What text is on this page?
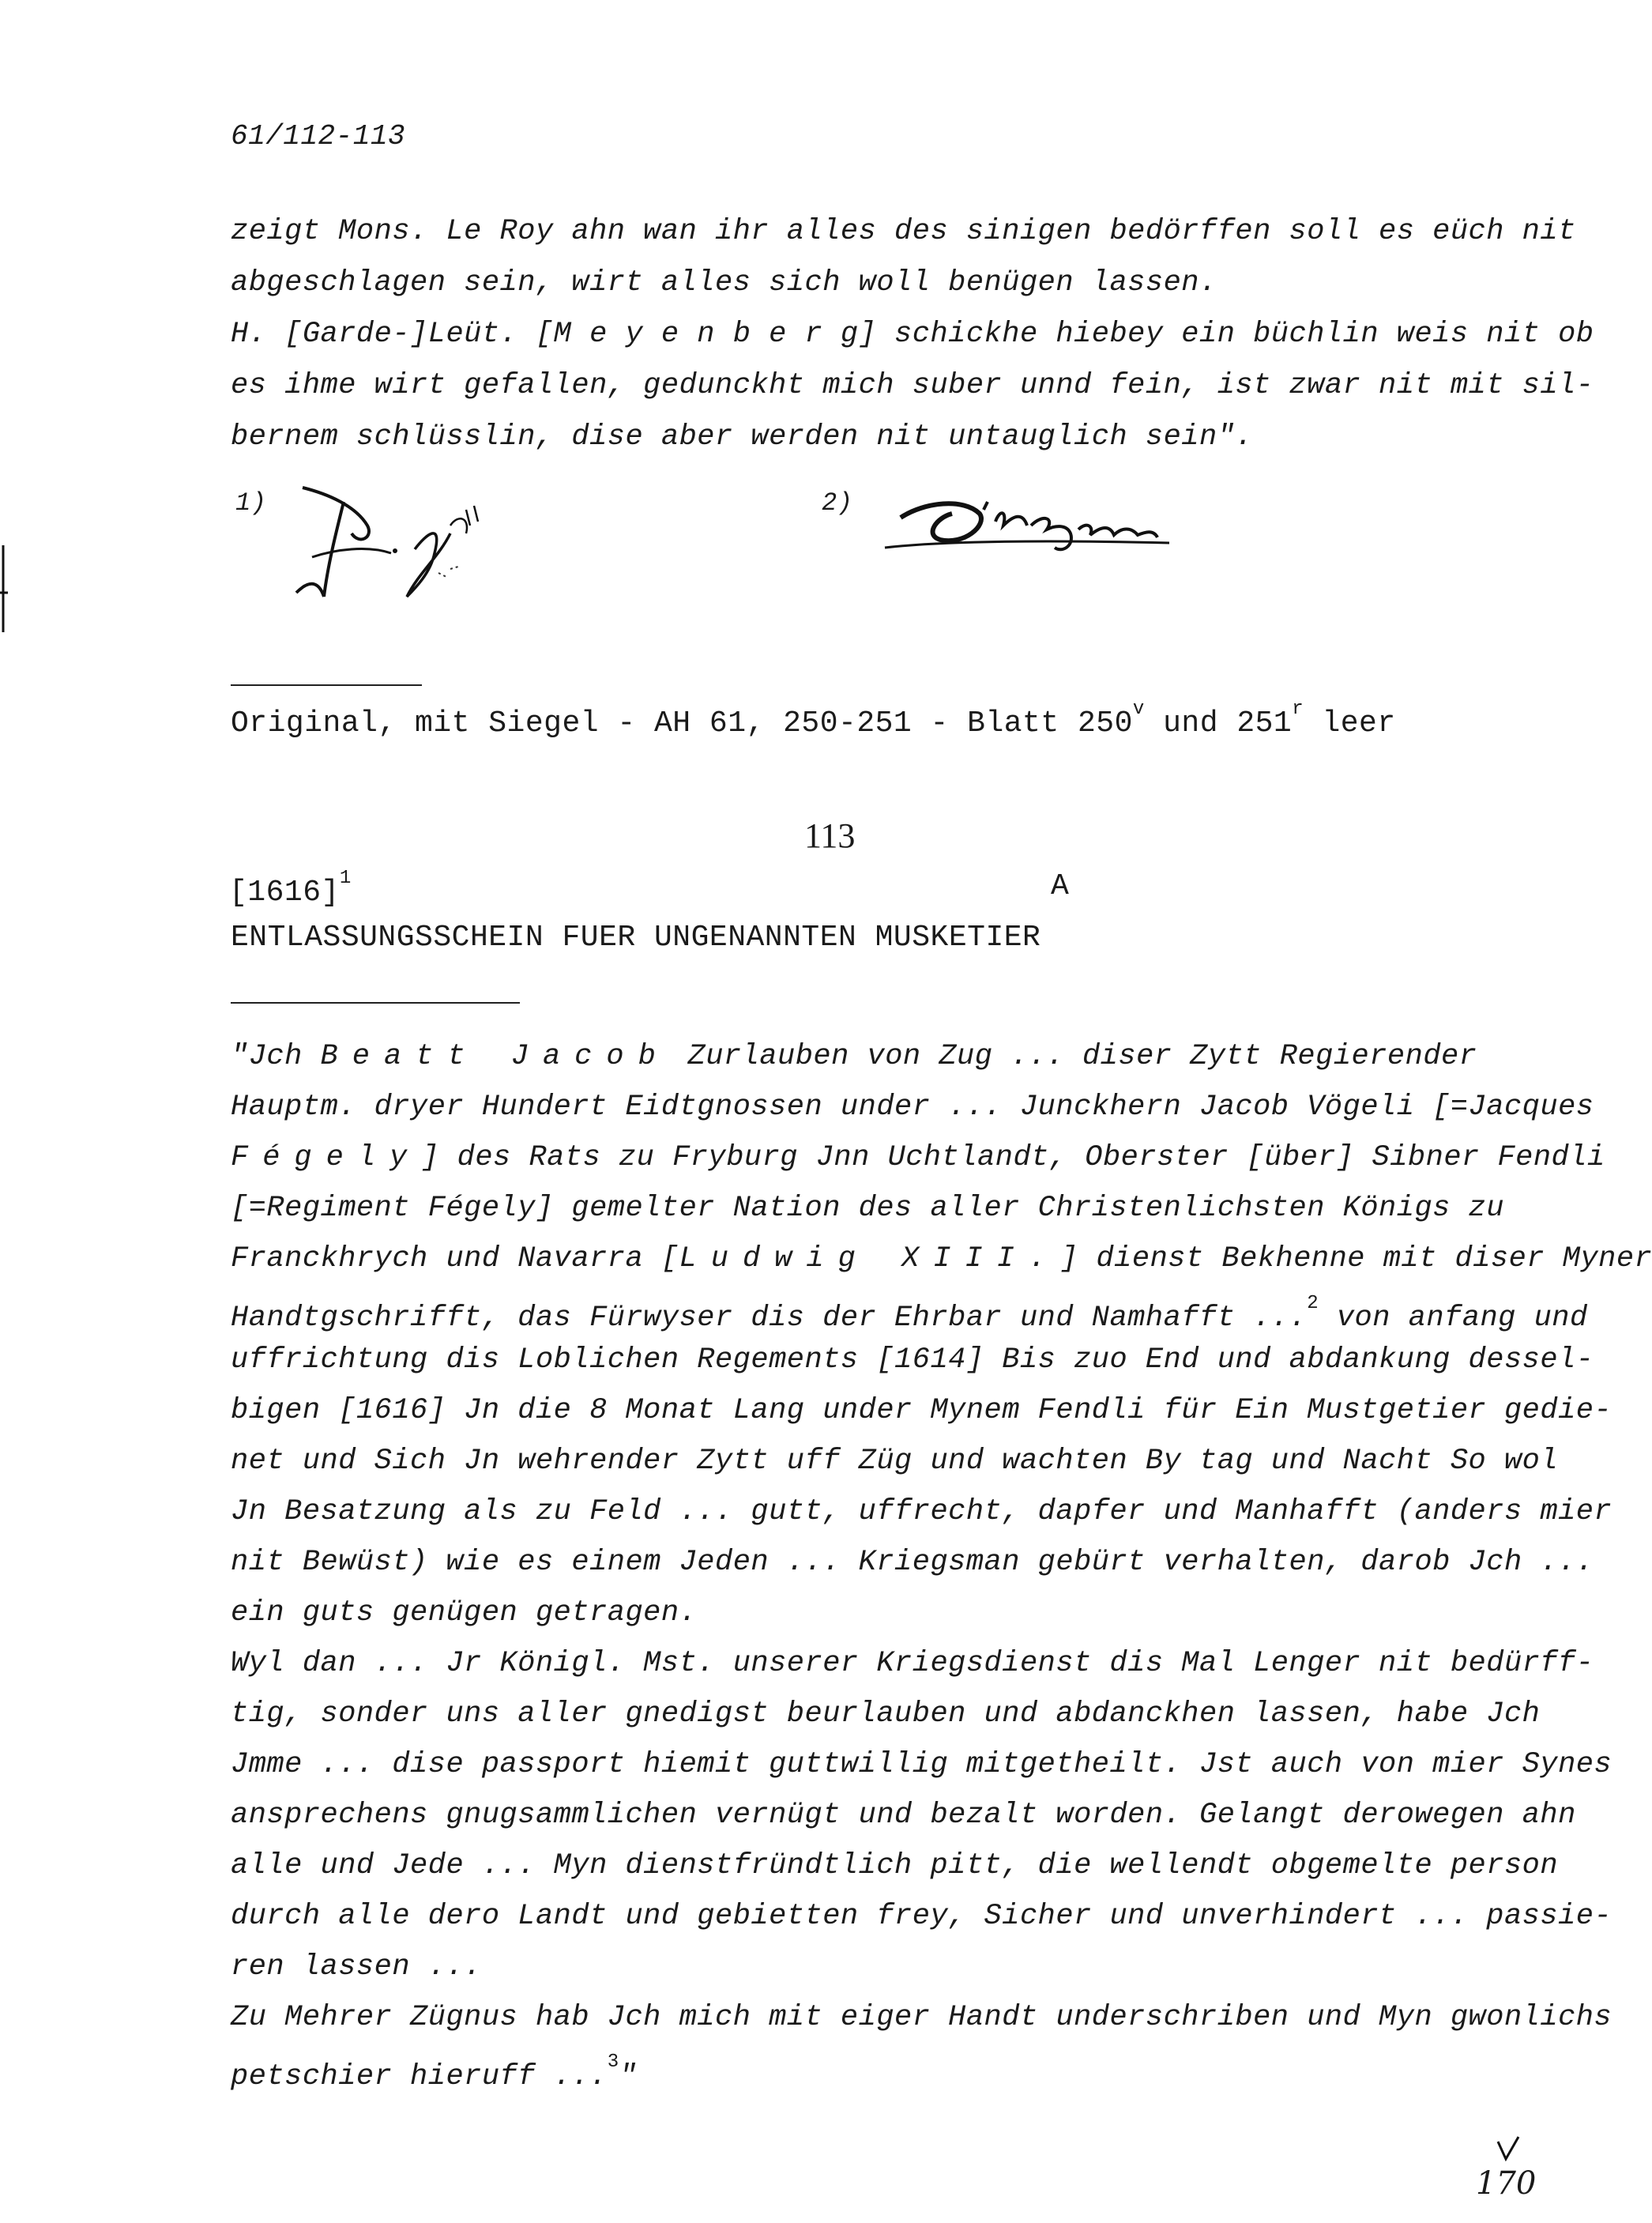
61/112-113
zeigt Mons. Le Roy ahn wan ihr alles des sinigen bedörffen soll es eüch nit
abgeschlagen sein, wirt alles sich woll benügen lassen.
H. [Garde-]Leüt. [M e y e n b e r g] schickhe hiebey ein büchlin weis nit ob
es ihme wirt gefallen, gedunckht mich suber unnd fein, ist zwar nit mit sil-
bernem schlüsslin, dise aber werden nit untauglich sein".
1)	2)
Original, mit Siegel - AH 61, 250-251 - Blatt 250$^v$ und 251$^r$ leer
113
$[1616]^1$	A
ENTLASSUNGSSCHEIN FUER UNGENANNTEN MUSKETIER
"Jch Beatt Jacob Zurlauben von Zug ... diser Zytt Regierender
Hauptm. dryer Hundert Eidtgnossen under ... Junckhern Jacob Vögeli [=Jacques
Fégely] des Rats zu Fryburg Jnn Uchtlandt, Oberster [über] Sibner Fendli
[=Regiment Fégely] gemelter Nation des aller Christenlichsten Königs zu
Franckhrych und Navarra [Ludwig XIII.] dienst Bekhenne mit diser Myner
Handtgschrifft, das Fürwyser dis der Ehrbar und Namhafft ...$^2$ von anfang und
uffrichtung dis Loblichen Regements [1614] Bis zuo End und abdankung dessel-
bigen [1616] Jn die 8 Monat Lang under Mynem Fendli für Ein Mustgetier gedie-
net und Sich Jn wehrender Zytt uff Züg und wachten By tag und Nacht So wol
Jn Besatzung als zu Feld ... gutt, uffrecht, dapfer und Manhafft (anders mier
nit Bewüst) wie es einem Jeden ... Kriegsman gebürt verhalten, darob Jch ...
ein guts genügen getragen.
Wyl dan ... Jr Königl. Mst. unserer Kriegsdienst dis Mal Lenger nit bedürff-
tig, sonder uns aller gnedigst beurlauben und abdanckhen lassen, habe Jch
Jmme ... dise passport hiemit guttwillig mitgetheilt. Jst auch von mier Synes
ansprechens gnugsammlichen vernügt und bezalt worden. Gelangt derowegen ahn
alle und Jede ... Myn dienstfründtlich pitt, die wellendt obgemelte person
durch alle dero Landt und gebietten frey, Sicher und unverhindert ... passie-
ren lassen ...
Zu Mehrer Zügnus hab Jch mich mit eiger Handt underschriben und Myn gwonlichs
petschier hieruff ...$^3$"
170
